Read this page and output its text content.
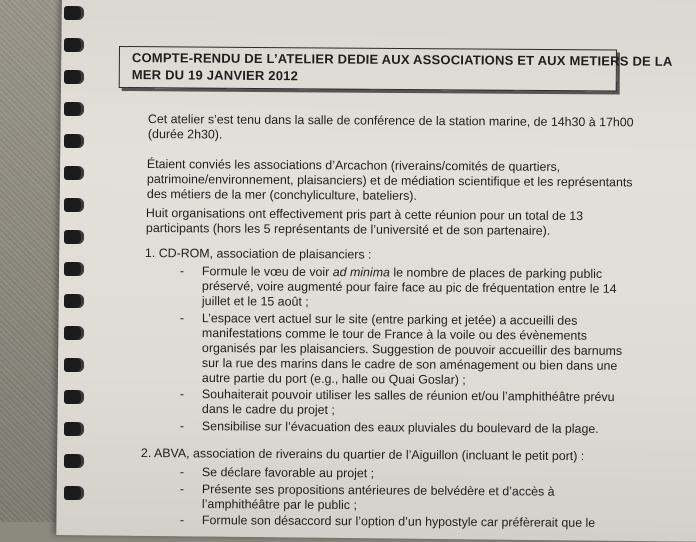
COMPTE-RENDU DE L’ATELIER DEDIE AUX ASSOCIATIONS ET AUX METIERS DE LA
MER DU 19 JANVIER 2012
Cet atelier s’est tenu dans la salle de conférence de la station marine, de 14h30 à 17h00
(durée 2h30).
Étaient conviés les associations d’Arcachon (riverains/comités de quartiers,
patrimoine/environnement, plaisanciers) et de médiation scientifique et les représentants
des métiers de la mer (conchyliculture, bateliers).
Huit organisations ont effectivement pris part à cette réunion pour un total de 13
participants (hors les 5 représentants de l’université et de son partenaire).
1. CD-ROM, association de plaisanciers :
- Formule le vœu de voir ad minima le nombre de places de parking public
préservé, voire augmenté pour faire face au pic de fréquentation entre le 14
juillet et le 15 août ;
- L’espace vert actuel sur le site (entre parking et jetée) a accueilli des
manifestations comme le tour de France à la voile ou des évènements
organisés par les plaisanciers. Suggestion de pouvoir accueillir des barnums
sur la rue des marins dans le cadre de son aménagement ou bien dans une
autre partie du port (e.g., halle ou Quai Goslar) ;
- Souhaiterait pouvoir utiliser les salles de réunion et/ou l’amphithéâtre prévu
dans le cadre du projet ;
- Sensibilise sur l’évacuation des eaux pluviales du boulevard de la plage.
2. ABVA, association de riverains du quartier de l’Aiguillon (incluant le petit port) :
- Se déclare favorable au projet ;
- Présente ses propositions antérieures de belvédère et d’accès à
l’amphithéâtre par le public ;
- Formule son désaccord sur l’option d’un hypostyle car préfèrerait que le
